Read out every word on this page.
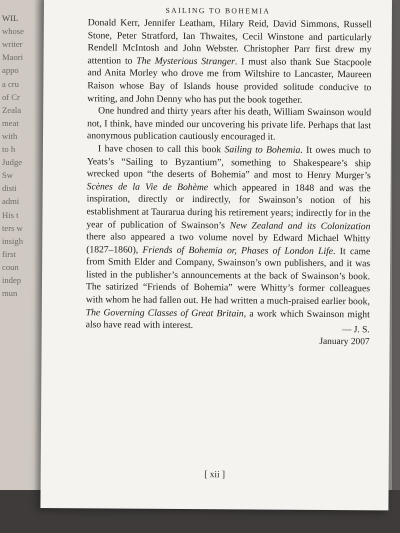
WIL
whose
writer
Maori
appo
a cru
of Cr
Zeala
meat
with
to h
Judge
Sw
disti
admi
His t
ters w
insigh
first
coun
indep
mun
SAILING TO BOHEMIA

Donald Kerr, Jennifer Leatham, Hilary Reid, David Simmons, Russell Stone, Peter Stratford, Ian Thwaites, Cecil Winstone and particularly Rendell McIntosh and John Webster. Christopher Parr first drew my attention to The Mysterious Stranger. I must also thank Sue Stacpoole and Anita Morley who drove me from Wiltshire to Lancaster, Maureen Raison whose Bay of Islands house provided solitude conducive to writing, and John Denny who has put the book together.

One hundred and thirty years after his death, William Swainson would not, I think, have minded our uncovering his private life. Perhaps that last anonymous publication cautiously encouraged it.

I have chosen to call this book Sailing to Bohemia. It owes much to Yeats’s “Sailing to Byzantium”, something to Shakespeare’s ship wrecked upon “the deserts of Bohemia” and most to Henry Murger’s Scènes de la Vie de Bohème which appeared in 1848 and was the inspiration, directly or indirectly, for Swainson’s notion of his establishment at Taurarua during his retirement years; indirectly for in the year of publication of Swainson’s New Zealand and its Colonization there also appeared a two volume novel by Edward Michael Whitty (1827–1860), Friends of Bohemia or, Phases of London Life. It came from Smith Elder and Company, Swainson’s own publishers, and it was listed in the publisher’s announcements at the back of Swainson’s book. The satirized “Friends of Bohemia” were Whitty’s former colleagues with whom he had fallen out. He had written a much-praised earlier book, The Governing Classes of Great Britain, a work which Swainson might also have read with interest.	— J. S.
January 2007
[ xii ]
